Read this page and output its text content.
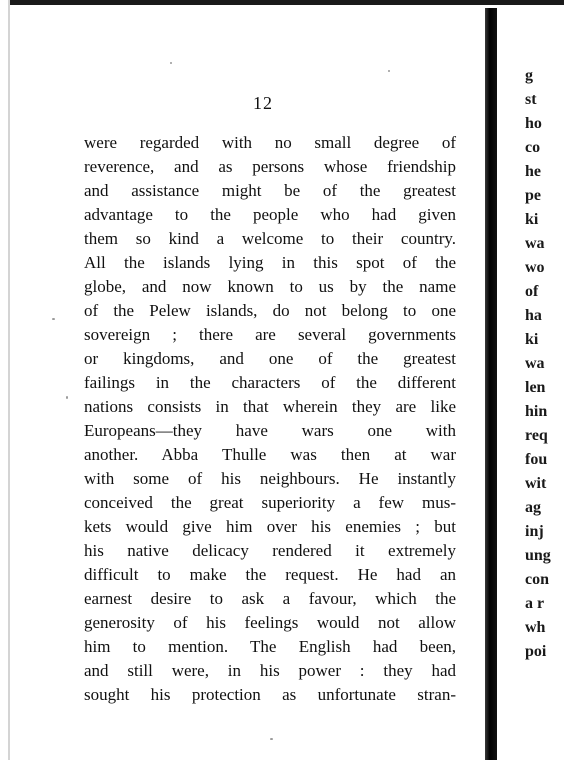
12
were regarded with no small degree of
reverence, and as persons whose friendship
and assistance might be of the greatest
advantage to the people who had given
them so kind a welcome to their country.
All the islands lying in this spot of the
globe, and now known to us by the name
of the Pelew islands, do not belong to one
sovereign ; there are several governments
or kingdoms, and one of the greatest
failings in the characters of the different
nations consists in that wherein they are like
Europeans—they have wars one with
another. Abba Thulle was then at war
with some of his neighbours. He instantly
conceived the great superiority a few mus-
kets would give him over his enemies ; but
his native delicacy rendered it extremely
difficult to make the request. He had an
earnest desire to ask a favour, which the
generosity of his feelings would not allow
him to mention. The English had been,
and still were, in his power : they had
sought his protection as unfortunate stran-
g
st
ho
co
he
pe
ki
wa
wo
of
ha
ki
wa
len
hin
req
fou
wit
ag
inj
ung
con
a r
wh
poi
